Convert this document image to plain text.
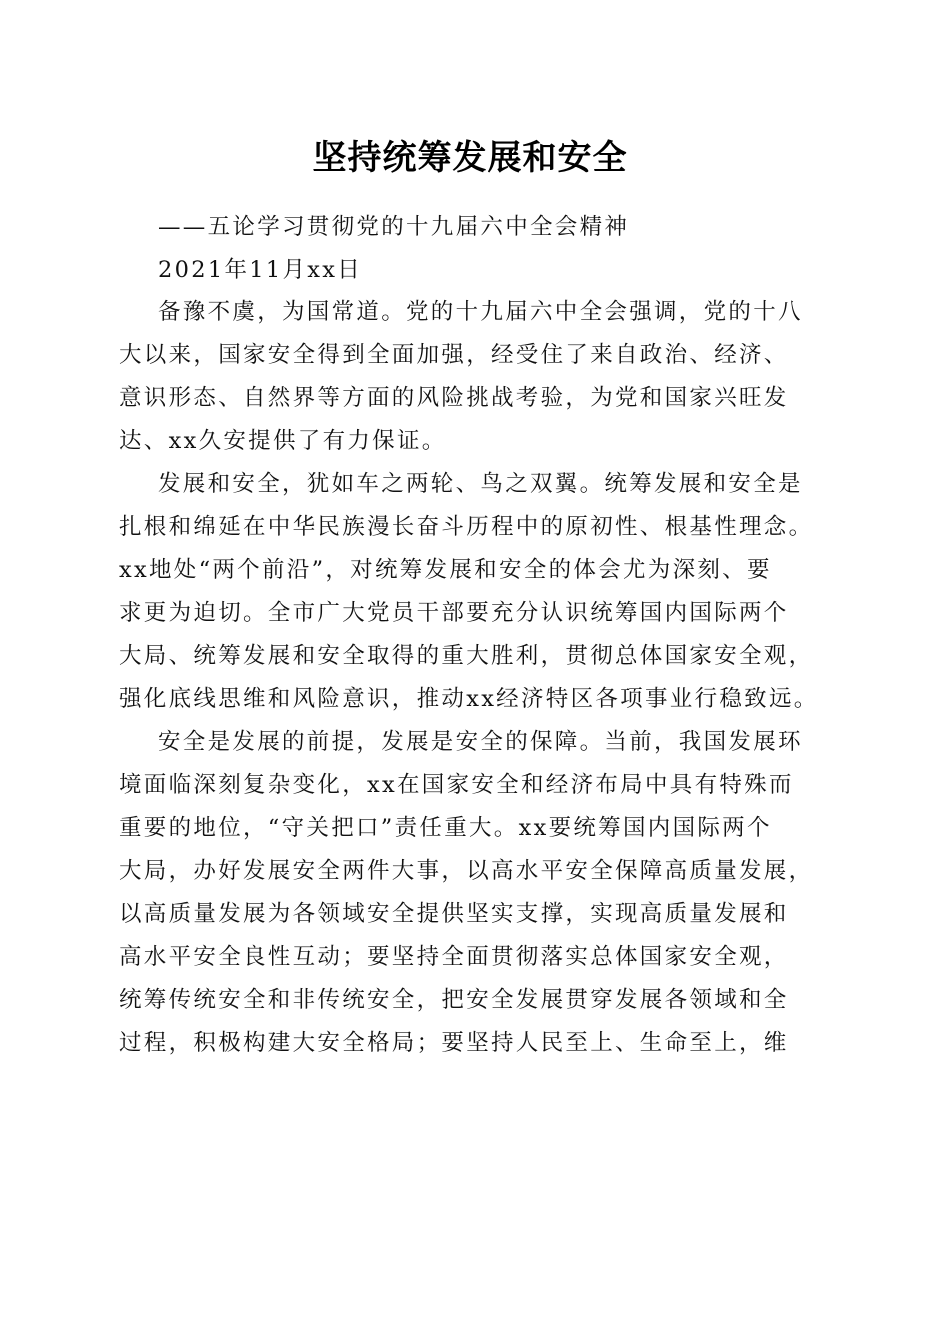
坚持统筹发展和安全
——五论学习贯彻党的十九届六中全会精神
2021年11月xx日
备豫不虞，为国常道。党的十九届六中全会强调，党的十八
大以来，国家安全得到全面加强，经受住了来自政治、经济、
意识形态、自然界等方面的风险挑战考验，为党和国家兴旺发
达、xx久安提供了有力保证。
发展和安全，犹如车之两轮、鸟之双翼。统筹发展和安全是
扎根和绵延在中华民族漫长奋斗历程中的原初性、根基性理念。
xx地处“两个前沿”，对统筹发展和安全的体会尤为深刻、要
求更为迫切。全市广大党员干部要充分认识统筹国内国际两个
大局、统筹发展和安全取得的重大胜利，贯彻总体国家安全观，
强化底线思维和风险意识，推动xx经济特区各项事业行稳致远。
安全是发展的前提，发展是安全的保障。当前，我国发展环
境面临深刻复杂变化，xx在国家安全和经济布局中具有特殊而
重要的地位，“守关把口”责任重大。xx要统筹国内国际两个
大局，办好发展安全两件大事，以高水平安全保障高质量发展，
以高质量发展为各领域安全提供坚实支撑，实现高质量发展和
高水平安全良性互动；要坚持全面贯彻落实总体国家安全观，
统筹传统安全和非传统安全，把安全发展贯穿发展各领域和全
过程，积极构建大安全格局；要坚持人民至上、生命至上，维
